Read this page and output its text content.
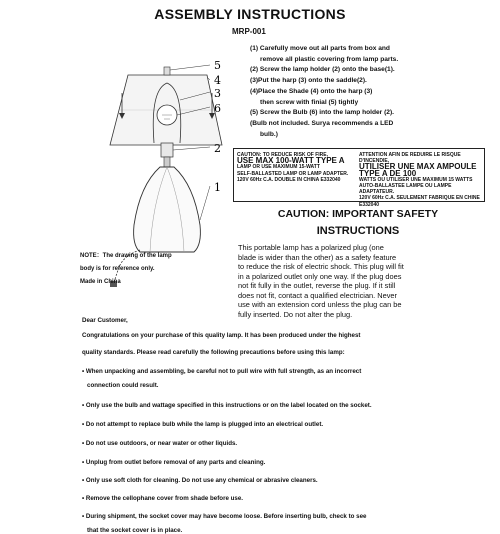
ASSEMBLY INSTRUCTIONS
MRP-001
(1) Carefully move out all parts from box and
remove all plastic covering from lamp parts.
(2) Screw the lamp holder (2) onto the base(1).
(3)Put the harp (3) onto the saddle(2).
(4)Place the Shade (4) onto the harp (3)
then screw with finial (5) tightly
(5) Screw the Bulb (6) into the lamp holder (2).
(Bulb not included. Surya recommends a LED
bulb.)
5
4
3
6
2
1
CAUTION: TO REDUCE RISK OF FIRE,
USE MAX 100-WATT TYPE A
LAMP OR USE MAXIMUM 15-WATT
SELF-BALLASTED LAMP OR LAMP ADAPTER.
120V 60Hz C.A. DOUBLE IN CHINA E332040
ATTENTION AFIN DE REDUIRE LE RISQUE D'INCENDIE,
UTILISER UNE MAX AMPOULE TYPE A DE 100
WATTS OU UTILISER UNE MAXIMUM 15 WATTS
AUTO-BALLASTEE LAMPE OU LAMPE ADAPTATEUR.
120V 60Hz C.A. SEULEMENT FABRIQUE EN CHINE E332040
CAUTION: IMPORTANT SAFETY
INSTRUCTIONS
This portable lamp has a polarized plug (one
blade is wider than the other) as a safety feature
to reduce the risk of electric shock. This plug will fit
in a polarized outlet only one way. If the plug does
not fit fully in the outlet, reverse the plug. If it still
does not fit, contact a qualified electrician. Never
use with an extension cord unless the plug can be
fully inserted. Do not alter the plug.
NOTE：The drawing of the lamp
body is for reference only.
Made in China
Dear Customer,
Congratulations on your purchase of this quality lamp. It has been produced under the highest
quality standards. Please read carefully the following precautions before using this lamp:
• When unpacking and assembling, be careful not to pull wire with full strength, as an incorrect
connection could result.
• Only use the bulb and wattage specified in this instructions or on the label located on the socket.
• Do not attempt to replace bulb while the lamp is plugged into an electrical outlet.
• Do not use outdoors, or near water or other liquids.
• Unplug from outlet before removal of any parts and cleaning.
• Only use soft cloth for cleaning. Do not use any chemical or abrasive cleaners.
• Remove the cellophane cover from shade before use.
• During shipment, the socket cover may have become loose. Before inserting bulb, check to see
that the socket cover is in place.
